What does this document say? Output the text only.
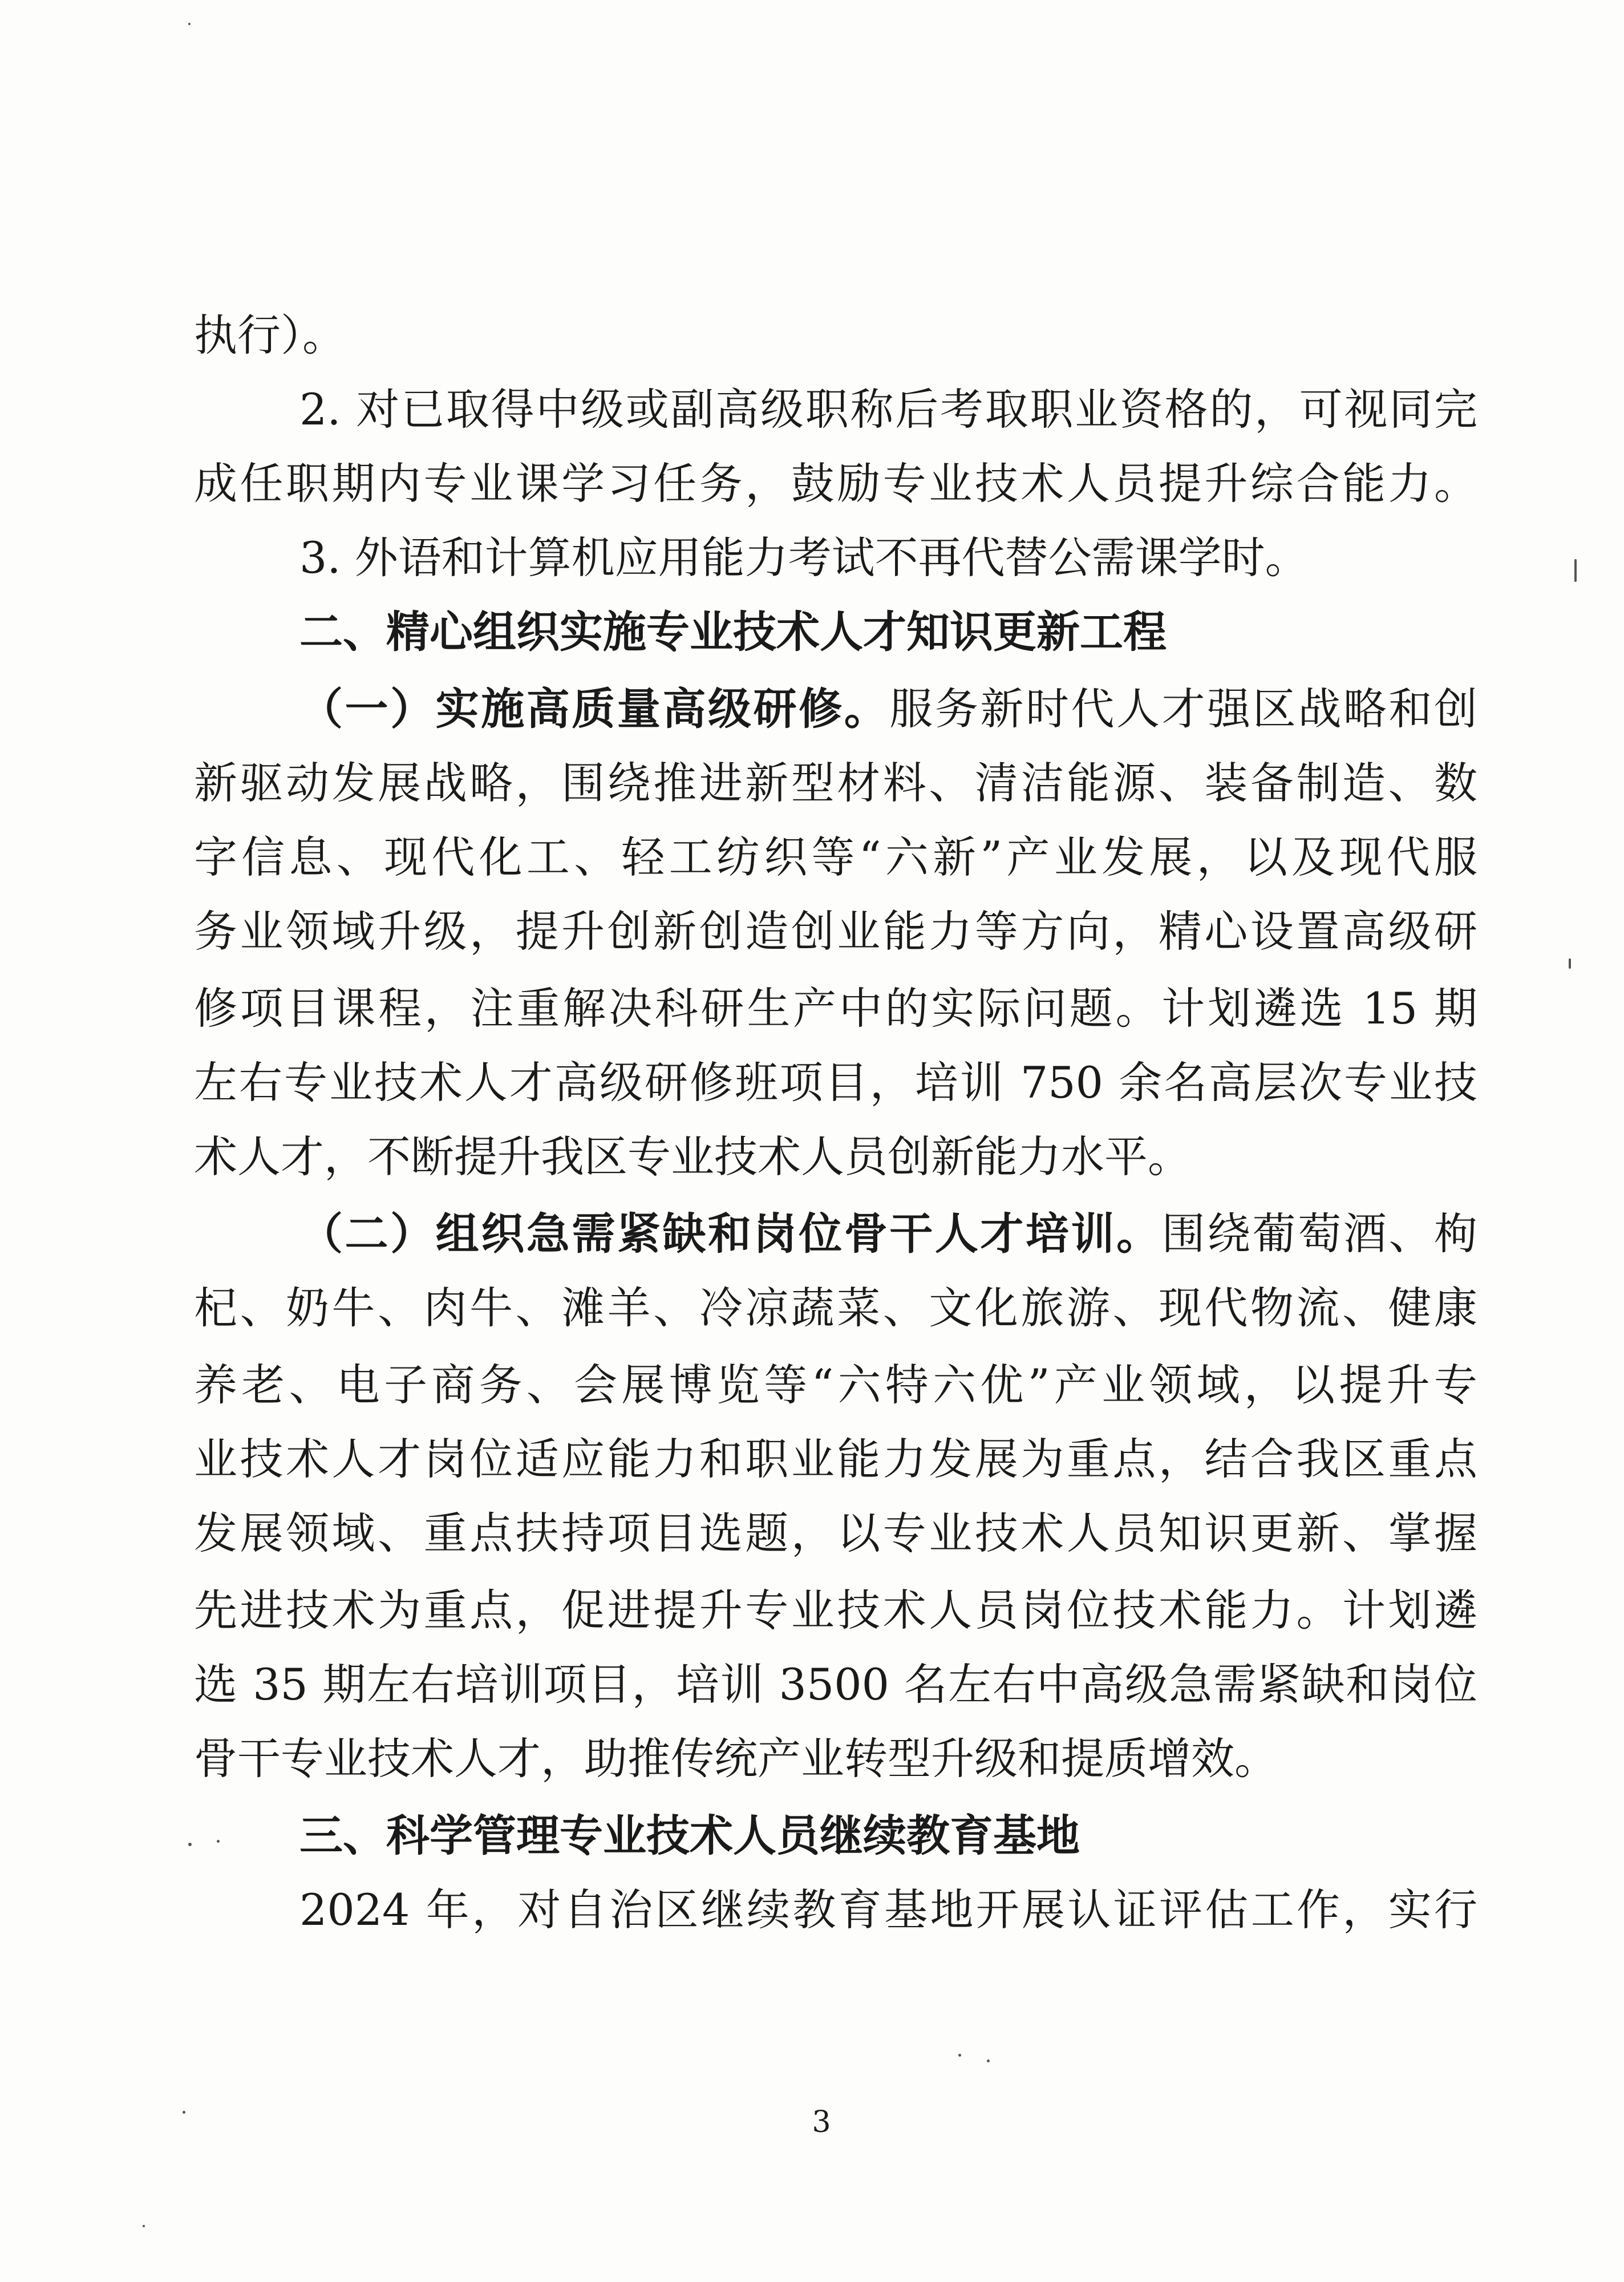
执行）。
2. 对已取得中级或副高级职称后考取职业资格的，可视同完
成任职期内专业课学习任务，鼓励专业技术人员提升综合能力。
3. 外语和计算机应用能力考试不再代替公需课学时。
二、精心组织实施专业技术人才知识更新工程
（一）实施高质量高级研修。服务新时代人才强区战略和创
新驱动发展战略，围绕推进新型材料、清洁能源、装备制造、数
字信息、现代化工、轻工纺织等“六新”产业发展，以及现代服
务业领域升级，提升创新创造创业能力等方向，精心设置高级研
修项目课程，注重解决科研生产中的实际问题。计划遴选 15 期
左右专业技术人才高级研修班项目，培训 750 余名高层次专业技
术人才，不断提升我区专业技术人员创新能力水平。
（二）组织急需紧缺和岗位骨干人才培训。围绕葡萄酒、枸
杞、奶牛、肉牛、滩羊、冷凉蔬菜、文化旅游、现代物流、健康
养老、电子商务、会展博览等“六特六优”产业领域，以提升专
业技术人才岗位适应能力和职业能力发展为重点，结合我区重点
发展领域、重点扶持项目选题，以专业技术人员知识更新、掌握
先进技术为重点，促进提升专业技术人员岗位技术能力。计划遴
选 35 期左右培训项目，培训 3500 名左右中高级急需紧缺和岗位
骨干专业技术人才，助推传统产业转型升级和提质增效。
三、科学管理专业技术人员继续教育基地
2024 年，对自治区继续教育基地开展认证评估工作，实行
3
